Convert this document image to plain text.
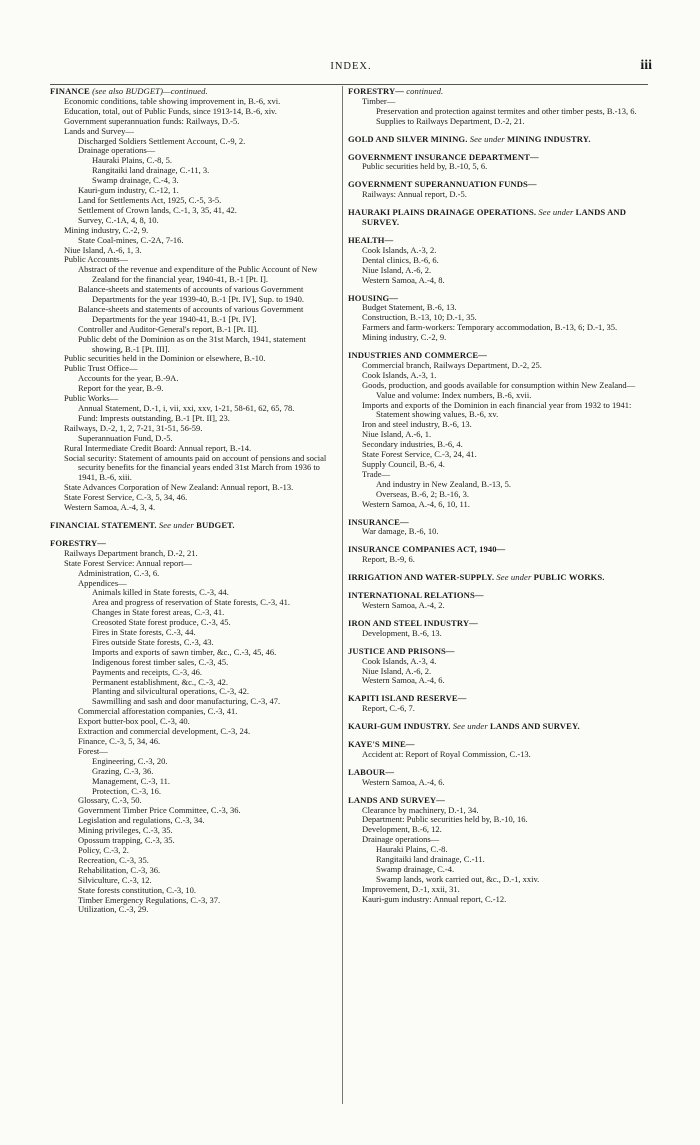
INDEX.	iii
FINANCE (see also BUDGET)—continued.
Economic conditions, table showing improvement in, B.-6, xvi.
Education, total, out of Public Funds, since 1913-14, B.-6, xiv.
Government superannuation funds: Railways, D.-5.
Lands and Survey—
Discharged Soldiers Settlement Account, C.-9, 2.
Drainage operations—
Hauraki Plains, C.-8, 5.
Rangitaiki land drainage, C.-11, 3.
Swamp drainage, C.-4, 3.
Kauri-gum industry, C.-12, 1.
Land for Settlements Act, 1925, C.-5, 3-5.
Settlement of Crown lands, C.-1, 3, 35, 41, 42.
Survey, C.-1A, 4, 8, 10.
Mining industry, C.-2, 9.
State Coal-mines, C.-2A, 7-16.
Niue Island, A.-6, 1, 3.
Public Accounts—
Abstract of the revenue and expenditure of the Public Account of New Zealand for the financial year, 1940-41, B.-1 [Pt. I].
Balance-sheets and statements of accounts of various Government Departments for the year 1939-40, B.-1 [Pt. IV], Sup. to 1940.
Balance-sheets and statements of accounts of various Government Departments for the year 1940-41, B.-1 [Pt. IV].
Controller and Auditor-General's report, B.-1 [Pt. II].
Public debt of the Dominion as on the 31st March, 1941, statement showing, B.-1 [Pt. III].
Public securities held in the Dominion or elsewhere, B.-10.
Public Trust Office—
Accounts for the year, B.-9A.
Report for the year, B.-9.
Public Works—
Annual Statement, D.-1, i, vii, xxi, xxv, 1-21, 58-61, 62, 65, 78.
Fund: Imprests outstanding, B.-1 [Pt. II], 23.
Railways, D.-2, 1, 2, 7-21, 31-51, 56-59.
Superannuation Fund, D.-5.
Rural Intermediate Credit Board: Annual report, B.-14.
Social security: Statement of amounts paid on account of pensions and social security benefits for the financial years ended 31st March from 1936 to 1941, B.-6, xiii.
State Advances Corporation of New Zealand: Annual report, B.-13.
State Forest Service, C.-3, 5, 34, 46.
Western Samoa, A.-4, 3, 4.
FINANCIAL STATEMENT. See under BUDGET.
FORESTRY—
Railways Department branch, D.-2, 21.
State Forest Service: Annual report—
Administration, C.-3, 6.
Appendices—
Animals killed in State forests, C.-3, 44.
Area and progress of reservation of State forests, C.-3, 41.
Changes in State forest areas, C.-3, 41.
Creosoted State forest produce, C.-3, 45.
Fires in State forests, C.-3, 44.
Fires outside State forests, C.-3, 43.
Imports and exports of sawn timber, &c., C.-3, 45, 46.
Indigenous forest timber sales, C.-3, 45.
Payments and receipts, C.-3, 46.
Permanent establishment, &c., C.-3, 42.
Planting and silvicultural operations, C.-3, 42.
Sawmilling and sash and door manufacturing, C.-3, 47.
Commercial afforestation companies, C.-3, 41.
Export butter-box pool, C.-3, 40.
Extraction and commercial development, C.-3, 24.
Finance, C.-3, 5, 34, 46.
Forest—
Engineering, C.-3, 20.
Grazing, C.-3, 36.
Management, C.-3, 11.
Protection, C.-3, 16.
Glossary, C.-3, 50.
Government Timber Price Committee, C.-3, 36.
Legislation and regulations, C.-3, 34.
Mining privileges, C.-3, 35.
Opossum trapping, C.-3, 35.
Policy, C.-3, 2.
Recreation, C.-3, 35.
Rehabilitation, C.-3, 36.
Silviculture, C.-3, 12.
State forests constitution, C.-3, 10.
Timber Emergency Regulations, C.-3, 37.
Utilization, C.-3, 29.
FORESTRY— continued.
Timber—
Preservation and protection against termites and other timber pests, B.-13, 6.
Supplies to Railways Department, D.-2, 21.
GOLD AND SILVER MINING. See under MINING INDUSTRY.
GOVERNMENT INSURANCE DEPARTMENT—
Public securities held by, B.-10, 5, 6.
GOVERNMENT SUPERANNUATION FUNDS—
Railways: Annual report, D.-5.
HAURAKI PLAINS DRAINAGE OPERATIONS. See under LANDS AND SURVEY.
HEALTH—
Cook Islands, A.-3, 2.
Dental clinics, B.-6, 6.
Niue Island, A.-6, 2.
Western Samoa, A.-4, 8.
HOUSING—
Budget Statement, B.-6, 13.
Construction, B.-13, 10; D.-1, 35.
Farmers and farm-workers: Temporary accommodation, B.-13, 6; D.-1, 35.
Mining industry, C.-2, 9.
INDUSTRIES AND COMMERCE—
Commercial branch, Railways Department, D.-2, 25.
Cook Islands, A.-3, 1.
Goods, production, and goods available for consumption within New Zealand—Value and volume: Index numbers, B.-6, xvii.
Imports and exports of the Dominion in each financial year from 1932 to 1941: Statement showing values, B.-6, xv.
Iron and steel industry, B.-6, 13.
Niue Island, A.-6, 1.
Secondary industries, B.-6, 4.
State Forest Service, C.-3, 24, 41.
Supply Council, B.-6, 4.
Trade—
And industry in New Zealand, B.-13, 5.
Overseas, B.-6, 2; B.-16, 3.
Western Samoa, A.-4, 6, 10, 11.
INSURANCE—
War damage, B.-6, 10.
INSURANCE COMPANIES ACT, 1940—
Report, B.-9, 6.
IRRIGATION AND WATER-SUPPLY. See under PUBLIC WORKS.
INTERNATIONAL RELATIONS—
Western Samoa, A.-4, 2.
IRON AND STEEL INDUSTRY—
Development, B.-6, 13.
JUSTICE AND PRISONS—
Cook Islands, A.-3, 4.
Niue Island, A.-6, 2.
Western Samoa, A.-4, 6.
KAPITI ISLAND RESERVE—
Report, C.-6, 7.
KAURI-GUM INDUSTRY. See under LANDS AND SURVEY.
KAYE'S MINE—
Accident at: Report of Royal Commission, C.-13.
LABOUR—
Western Samoa, A.-4, 6.
LANDS AND SURVEY—
Clearance by machinery, D.-1, 34.
Department: Public securities held by, B.-10, 16.
Development, B.-6, 12.
Drainage operations—
Hauraki Plains, C.-8.
Rangitaiki land drainage, C.-11.
Swamp drainage, C.-4.
Swamp lands, work carried out, &c., D.-1, xxiv.
Improvement, D.-1, xxii, 31.
Kauri-gum industry: Annual report, C.-12.
